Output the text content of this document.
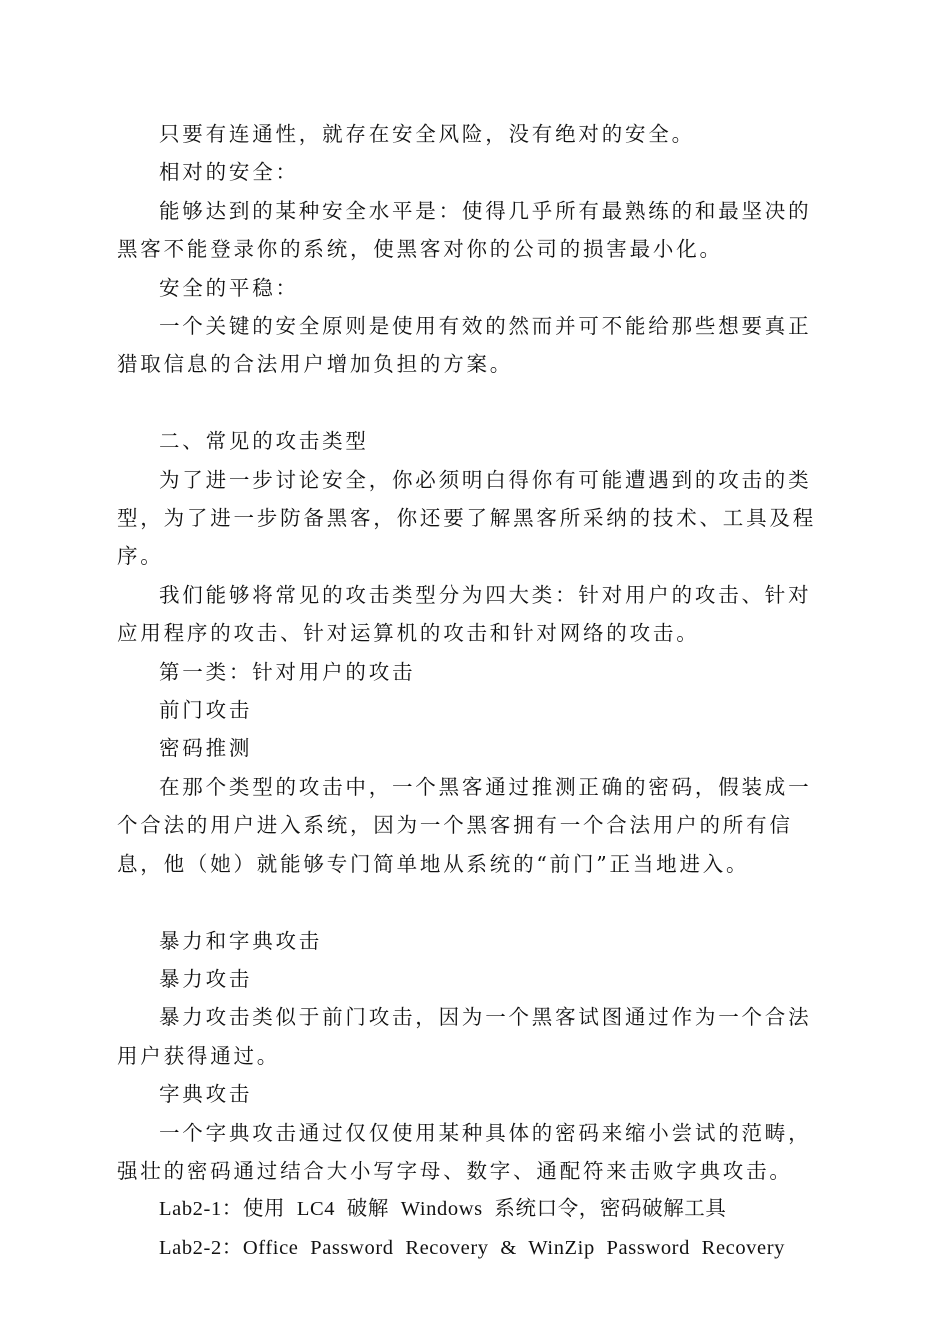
只要有连通性，就存在安全风险，没有绝对的安全。

相对的安全：

能够达到的某种安全水平是：使得几乎所有最熟练的和最坚决的黑客不能登录你的系统，使黑客对你的公司的损害最小化。

安全的平稳：

一个关键的安全原则是使用有效的然而并可不能给那些想要真正猎取信息的合法用户增加负担的方案。

二、常见的攻击类型

为了进一步讨论安全，你必须明白得你有可能遭遇到的攻击的类型，为了进一步防备黑客，你还要了解黑客所采纳的技术、工具及程序。

我们能够将常见的攻击类型分为四大类：针对用户的攻击、针对应用程序的攻击、针对运算机的攻击和针对网络的攻击。

第一类：针对用户的攻击

前门攻击

密码推测

在那个类型的攻击中，一个黑客通过推测正确的密码，假装成一个合法的用户进入系统，因为一个黑客拥有一个合法用户的所有信息，他（她）就能够专门简单地从系统的“前门”正当地进入。

暴力和字典攻击

暴力攻击

暴力攻击类似于前门攻击，因为一个黑客试图通过作为一个合法用户获得通过。

字典攻击

一个字典攻击通过仅仅使用某种具体的密码来缩小尝试的范畴，强壮的密码通过结合大小写字母、数字、通配符来击败字典攻击。

Lab2-1：使用 LC4 破解 Windows 系统口令，密码破解工具

Lab2-2：Office Password Recovery & WinZip Password Recovery
